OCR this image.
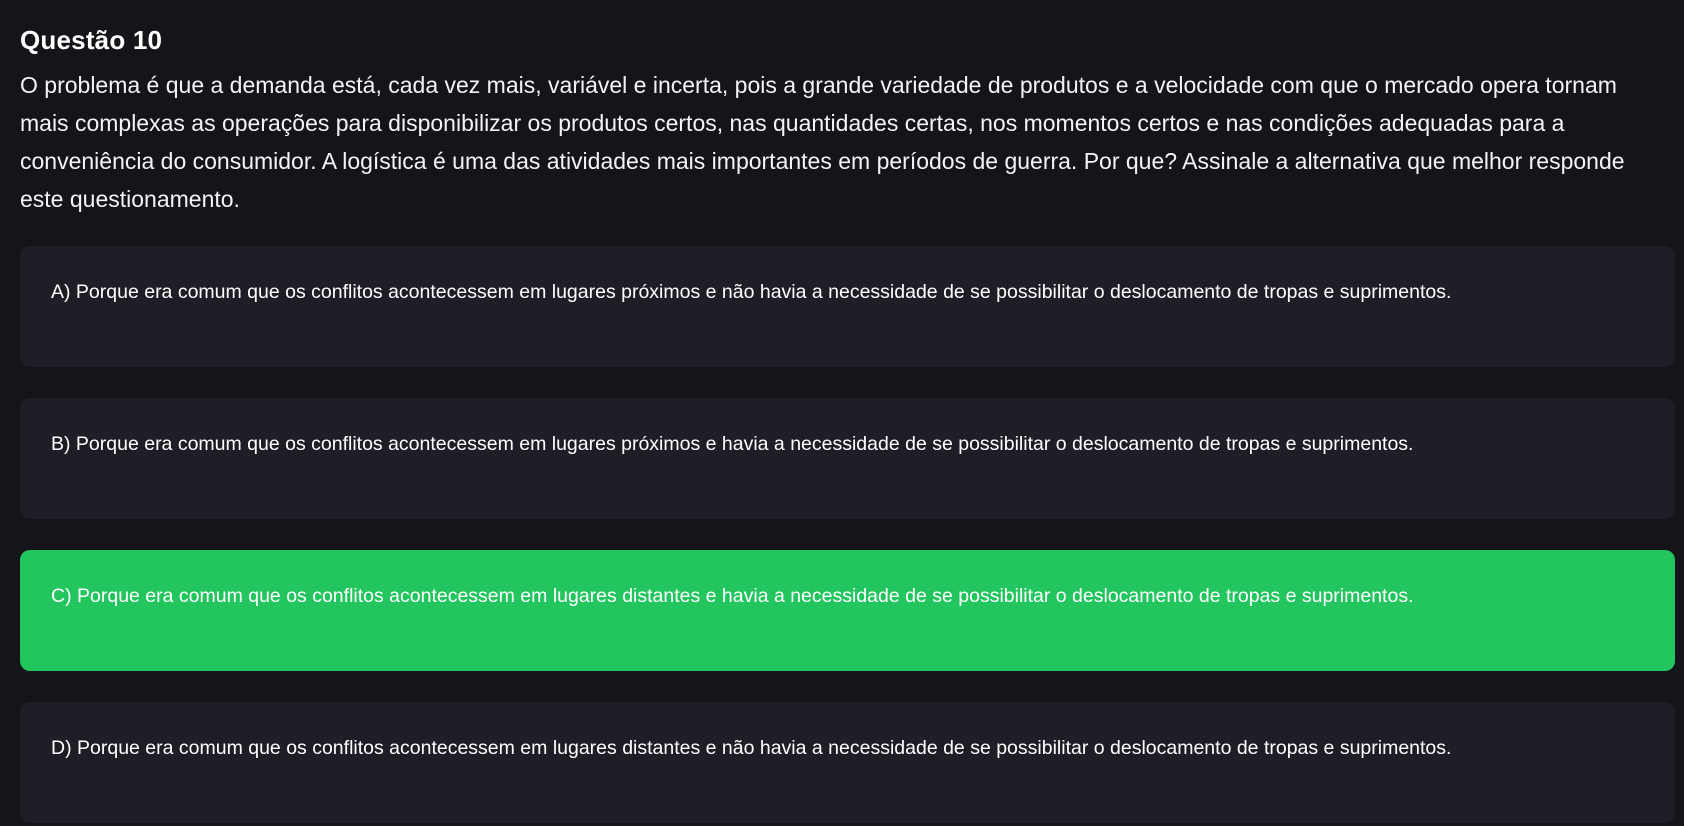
Questão 10
O problema é que a demanda está, cada vez mais, variável e incerta, pois a grande variedade de produtos e a velocidade com que o mercado opera tornam mais complexas as operações para disponibilizar os produtos certos, nas quantidades certas, nos momentos certos e nas condições adequadas para a conveniência do consumidor. A logística é uma das atividades mais importantes em períodos de guerra. Por que? Assinale a alternativa que melhor responde este questionamento.
A) Porque era comum que os conflitos acontecessem em lugares próximos e não havia a necessidade de se possibilitar o deslocamento de tropas e suprimentos.
B) Porque era comum que os conflitos acontecessem em lugares próximos e havia a necessidade de se possibilitar o deslocamento de tropas e suprimentos.
C) Porque era comum que os conflitos acontecessem em lugares distantes e havia a necessidade de se possibilitar o deslocamento de tropas e suprimentos.
D) Porque era comum que os conflitos acontecessem em lugares distantes e não havia a necessidade de se possibilitar o deslocamento de tropas e suprimentos.
